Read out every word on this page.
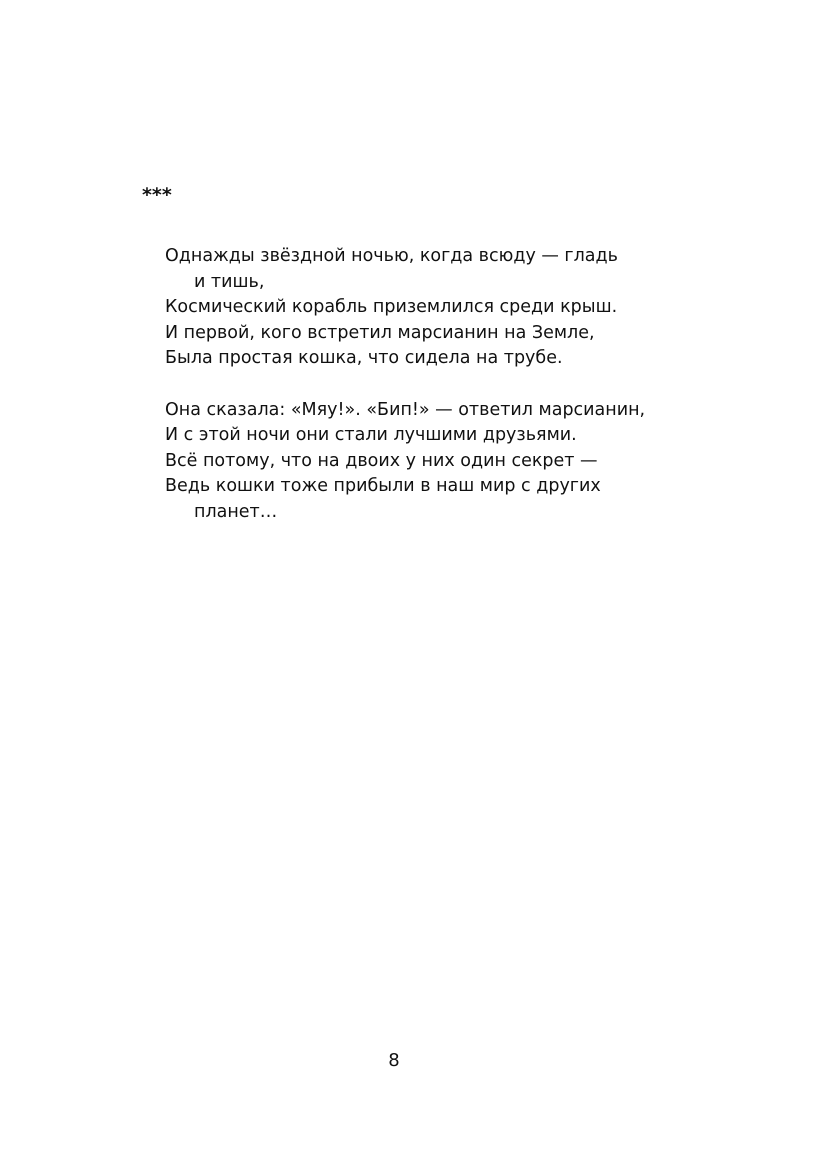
***
Однажды звёздной ночью, когда всюду — гладь
и тишь,
Космический корабль приземлился среди крыш.
И первой, кого встретил марсианин на Земле,
Была простая кошка, что сидела на трубе.
Она сказала: «Мяу!». «Бип!» — ответил марсианин,
И с этой ночи они стали лучшими друзьями.
Всё потому, что на двоих у них один секрет —
Ведь кошки тоже прибыли в наш мир с других
планет…
8
